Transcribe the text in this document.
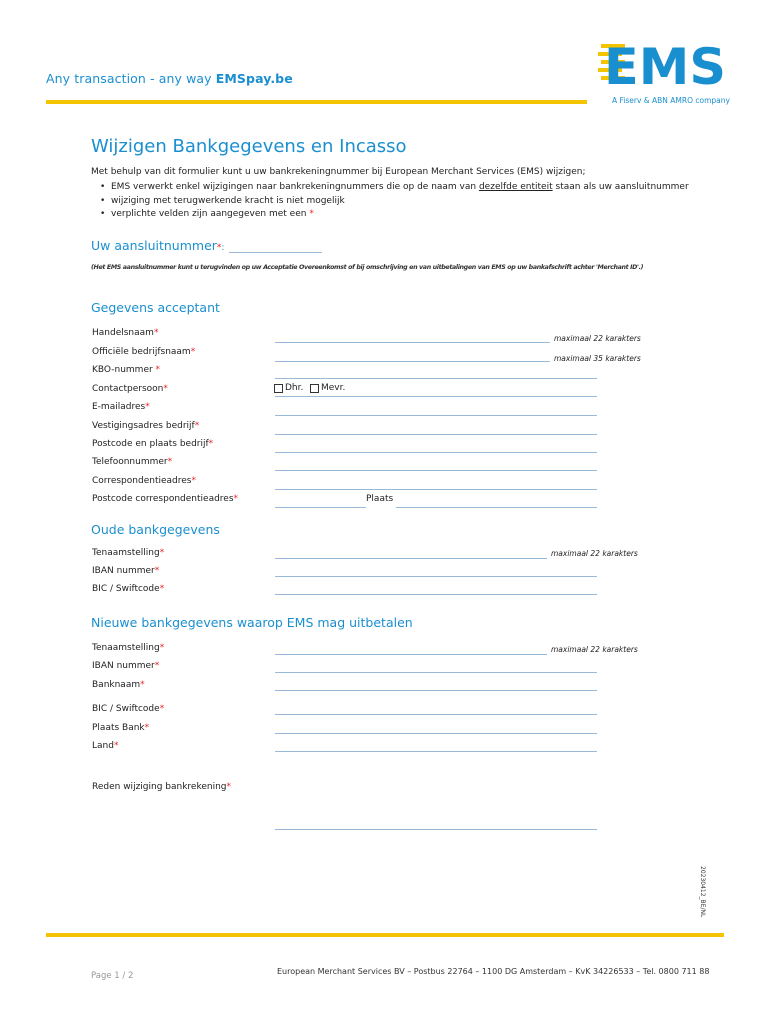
Any transaction - any way EMSpay.be	EMS
A Fiserv & ABN AMRO company
Wijzigen Bankgegevens en Incasso
Met behulp van dit formulier kunt u uw bankrekeningnummer bij European Merchant Services (EMS) wijzigen;
• EMS verwerkt enkel wijzigingen naar bankrekeningnummers die op de naam van dezelfde entiteit staan als uw aansluitnummer
• wijziging met terugwerkende kracht is niet mogelijk
• verplichte velden zijn aangegeven met een *
Uw aansluitnummer*:
(Het EMS aansluitnummer kunt u terugvinden op uw Acceptatie Overeenkomst of bij omschrijving en van uitbetalingen van EMS op uw bankafschrift achter 'Merchant ID'.)
Gegevens acceptant
Handelsnaam*
maximaal 22 karakters
Officiële bedrijfsnaam*
maximaal 35 karakters
KBO-nummer *
Contactpersoon*	Dhr. Mevr.
E-mailadres*
Vestigingsadres bedrijf*
Postcode en plaats bedrijf*
Telefoonnummer*
Correspondentieadres*
Postcode correspondentieadres*	Plaats
Oude bankgegevens
Tenaamstelling*	maximaal 22 karakters
IBAN nummer*
BIC / Swiftcode*
Nieuwe bankgegevens waarop EMS mag uitbetalen
Tenaamstelling*	maximaal 22 karakters
IBAN nummer*
Banknaam*
BIC / Swiftcode*
Plaats Bank*
Land*
Reden wijziging bankrekening*
20230412_BE/NL
Page 1 / 2	European Merchant Services BV – Postbus 22764 – 1100 DG Amsterdam – KvK 34226533 – Tel. 0800 711 88
